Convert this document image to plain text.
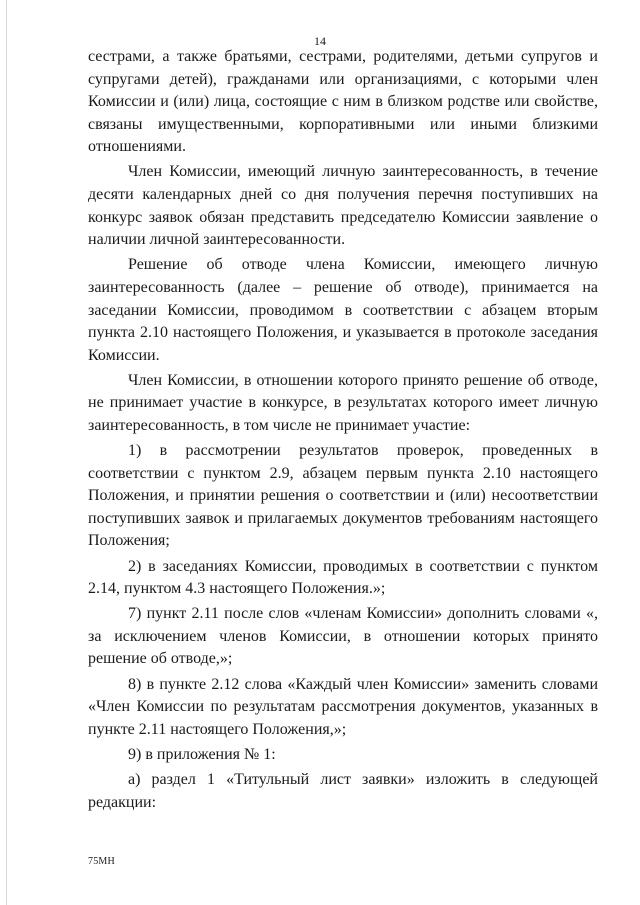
14

сестрами, а также братьями, сестрами, родителями, детьми супругов и супругами детей), гражданами или организациями, с которыми член Комиссии и (или) лица, состоящие с ним в близком родстве или свойстве, связаны имущественными, корпоративными или иными близкими отношениями.

Член Комиссии, имеющий личную заинтересованность, в течение десяти календарных дней со дня получения перечня поступивших на конкурс заявок обязан представить председателю Комиссии заявление о наличии личной заинтересованности.

Решение об отводе члена Комиссии, имеющего личную заинтересованность (далее – решение об отводе), принимается на заседании Комиссии, проводимом в соответствии с абзацем вторым пункта 2.10 настоящего Положения, и указывается в протоколе заседания Комиссии.

Член Комиссии, в отношении которого принято решение об отводе, не принимает участие в конкурсе, в результатах которого имеет личную заинтересованность, в том числе не принимает участие:

1) в рассмотрении результатов проверок, проведенных в соответствии с пунктом 2.9, абзацем первым пункта 2.10 настоящего Положения, и принятии решения о соответствии и (или) несоответствии поступивших заявок и прилагаемых документов требованиям настоящего Положения;

2) в заседаниях Комиссии, проводимых в соответствии с пунктом 2.14, пунктом 4.3 настоящего Положения.»;

7) пункт 2.11 после слов «членам Комиссии» дополнить словами «, за исключением членов Комиссии, в отношении которых принято решение об отводе,»;

8) в пункте 2.12 слова «Каждый член Комиссии» заменить словами «Член Комиссии по результатам рассмотрения документов, указанных в пункте 2.11 настоящего Положения,»;

9) в приложения № 1:

а) раздел 1 «Титульный лист заявки» изложить в следующей редакции:

75МН
